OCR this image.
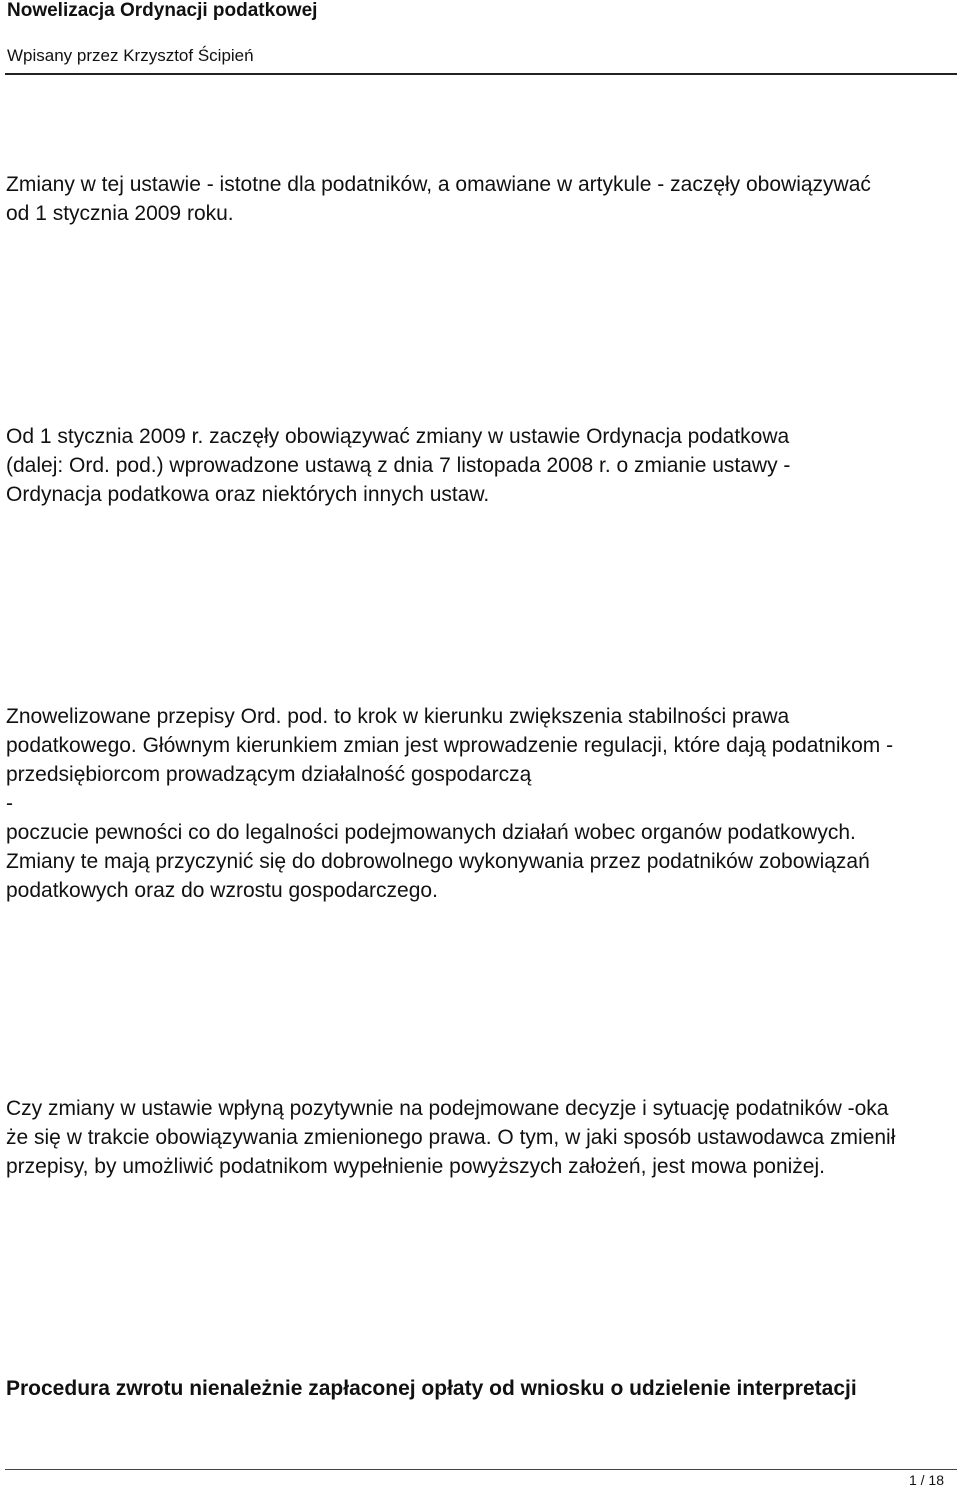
Nowelizacja Ordynacji podatkowej
Wpisany przez Krzysztof Ścipień
Zmiany w tej ustawie - istotne dla podatników, a omawiane w artykule - zaczęły obowiązywać
od 1 stycznia 2009 roku.
Od 1 stycznia 2009 r. zaczęły obowiązywać zmiany w ustawie Ordynacja podatkowa
(dalej: Ord. pod.) wprowadzone ustawą z dnia 7 listopada 2008 r. o zmianie ustawy -
Ordynacja podatkowa oraz niektórych innych ustaw.
Znowelizowane przepisy Ord. pod. to krok w kierunku zwiększenia stabilności prawa
podatkowego. Głównym kierunkiem zmian jest wprowadzenie regulacji, które dają podatnikom -
przedsiębiorcom prowadzącym działalność gospodarczą
-
poczucie pewności co do legalności podejmowanych działań wobec organów podatkowych.
Zmiany te mają przyczynić się do dobrowolnego wykonywania przez podatników zobowiązań
podatkowych oraz do wzrostu gospodarczego.
Czy zmiany w ustawie wpłyną pozytywnie na podejmowane decyzje i sytuację podatników -oka
że się w trakcie obowiązywania zmienionego prawa. O tym, w jaki sposób ustawodawca zmienił
przepisy, by umożliwić podatnikom wypełnienie powyższych założeń, jest mowa poniżej.
Procedura zwrotu nienależnie zapłaconej opłaty od wniosku o udzielenie interpretacji
1 / 18
